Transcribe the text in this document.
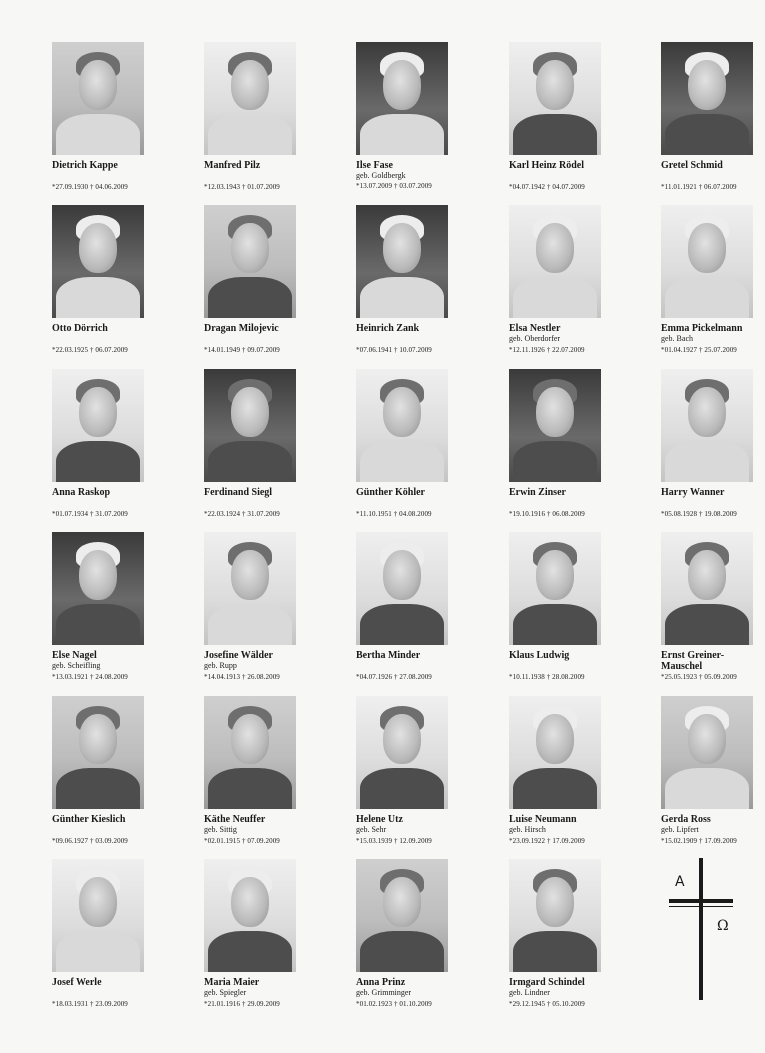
Dietrich Kappe
*27.09.1930 † 04.06.2009
Manfred Pilz
*12.03.1943 † 01.07.2009
Ilse Fase
geb. Goldbergk
*13.07.2009 † 03.07.2009
Karl Heinz Rödel
*04.07.1942 † 04.07.2009
Gretel Schmid
*11.01.1921 † 06.07.2009
Otto Dörrich
*22.03.1925 † 06.07.2009
Dragan Milojevic
*14.01.1949 † 09.07.2009
Heinrich Zank
*07.06.1941 † 10.07.2009
Elsa Nestler
geb. Oberdorfer
*12.11.1926 † 22.07.2009
Emma Pickelmann
geb. Bach
*01.04.1927 † 25.07.2009
Anna Raskop
*01.07.1934 † 31.07.2009
Ferdinand Siegl
*22.03.1924 † 31.07.2009
Günther Köhler
*11.10.1951 † 04.08.2009
Erwin Zinser
*19.10.1916 † 06.08.2009
Harry Wanner
*05.08.1928 † 19.08.2009
Else Nagel
geb. Scheifling
*13.03.1921 † 24.08.2009
Josefine Wälder
geb. Rupp
*14.04.1913 † 26.08.2009
Bertha Minder
*04.07.1926 † 27.08.2009
Klaus Ludwig
*10.11.1938 † 28.08.2009
Ernst Greiner-Mauschel
*25.05.1923 † 05.09.2009
Günther Kieslich
*09.06.1927 † 03.09.2009
Käthe Neuffer
geb. Sittig
*02.01.1915 † 07.09.2009
Helene Utz
geb. Sehr
*15.03.1939 † 12.09.2009
Luise Neumann
geb. Hirsch
*23.09.1922 † 17.09.2009
Gerda Ross
geb. Lipfert
*15.02.1909 † 17.09.2009
Josef Werle
*18.03.1931 † 23.09.2009
Maria Maier
geb. Spiegler
*21.01.1916 † 29.09.2009
Anna Prinz
geb. Grimminger
*01.02.1923 † 01.10.2009
Irmgard Schindel
geb. Lindner
*29.12.1945 † 05.10.2009
A
Ω
